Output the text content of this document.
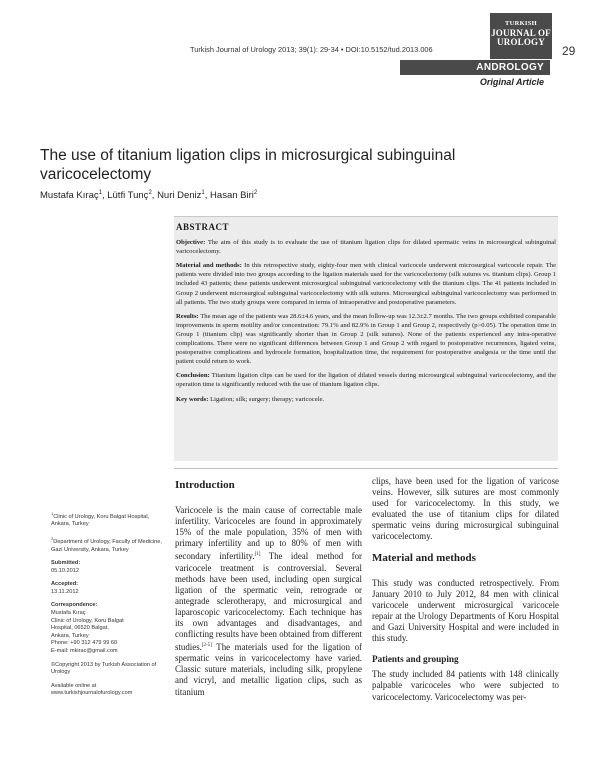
Turkish Journal of Urology 2013; 39(1): 29-34 • DOI:10.5152/tud.2013.006
TURKISH
JOURNAL OF
UROLOGY
29
ANDROLOGY
Original Article
The use of titanium ligation clips in microsurgical subinguinal varicocelectomy
Mustafa Kıraç$^1$, Lütfi Tunç$^2$, Nuri Deniz$^1$, Hasan Biri$^2$
ABSTRACT

Objective: The aim of this study is to evaluate the use of titanium ligation clips for dilated spermatic veins in microsurgical subinguinal varicocelectomy.

Material and methods: In this retrospective study, eighty-four men with clinical varicocele underwent microsurgical varicocele repair. The patients were divided into two groups according to the ligation materials used for the varicocelectomy (silk sutures vs. titanium clips). Group 1 included 43 patients; these patients underwent microsurgical subinguinal varicocelectomy with the titanium clips. The 41 patients included in Group 2 underwent microsurgical subinguinal varicocelectomy with silk sutures. Microsurgical subinguinal varicocelectomy was performed in all patients. The two study groups were compared in terms of intraoperative and postoperative parameters.

Results: The mean age of the patients was 28.6±4.6 years, and the mean follow-up was 12.3±2.7 months. The two groups exhibited comparable improvements in sperm motility and/or concentration: 79.1% and 82.9% in Group 1 and Group 2, respectively (p>0.05). The operation time in Group 1 (titanium clip) was significantly shorter than in Group 2 (silk sutures). None of the patients experienced any intra-operative complications. There were no significant differences between Group 1 and Group 2 with regard to postoperative recurrences, ligated veins, postoperative complications and hydrocele formation, hospitalization time, the requirement for postoperative analgesia or the time until the patient could return to work.

Conclusion: Titanium ligation clips can be used for the ligation of dilated vessels during microsurgical subinguinal varicocelectomy, and the operation time is significantly reduced with the use of titanium ligation clips.

Key words: Ligation; silk; surgery; therapy; varicocele.

$^1$Clinic of Urology, Koru Balgat Hospital, Ankara, Turkey
$^2$Department of Urology, Faculty of Medicine, Gazi University, Ankara, Turkey
Submitted:
05.10.2012
Accepted:
13.11.2012
Correspondence:
Mustafa Kıraç
Clinic of Urology, Koru Balgat
Hospital, 06520 Balgat,
Ankara, Turkey
Phone: +90 312 479 99 60
E-mail: mkirac@gmail.com
©Copyright 2013 by Turkish Association of Urology
Available online at
www.turkishjournalofurology.com
Introduction

Varicocele is the main cause of correctable male infertility. Varicoceles are found in approximately 15% of the male population, 35% of men with primary infertility and up to 80% of men with secondary infertility.[1] The ideal method for varicocele treatment is controversial. Several methods have been used, including open surgical ligation of the spermatic vein, retrograde or antegrade sclerotherapy, and microsurgical and laparoscopic varicocelectomy. Each technique has its own advantages and disadvantages, and conflicting results have been obtained from different studies.[2-5] The materials used for the ligation of spermatic veins in varicocelectomy have varied. Classic suture materials, including silk, propylene and vicryl, and metallic ligation clips, such as titanium

clips, have been used for the ligation of varicose veins. However, silk sutures are most commonly used for varicocelectomy. In this study, we evaluated the use of titanium clips for dilated spermatic veins during microsurgical subinguinal varicocelectomy.

Material and methods

This study was conducted retrospectively. From January 2010 to July 2012, 84 men with clinical varicocele underwent microsurgical varicocele repair at the Urology Departments of Koru Hospital and Gazi University Hospital and were included in this study.

Patients and grouping

The study included 84 patients with 148 clinically palpable varicoceles who were subjected to varicocelectomy. Varicocelectomy was per-
